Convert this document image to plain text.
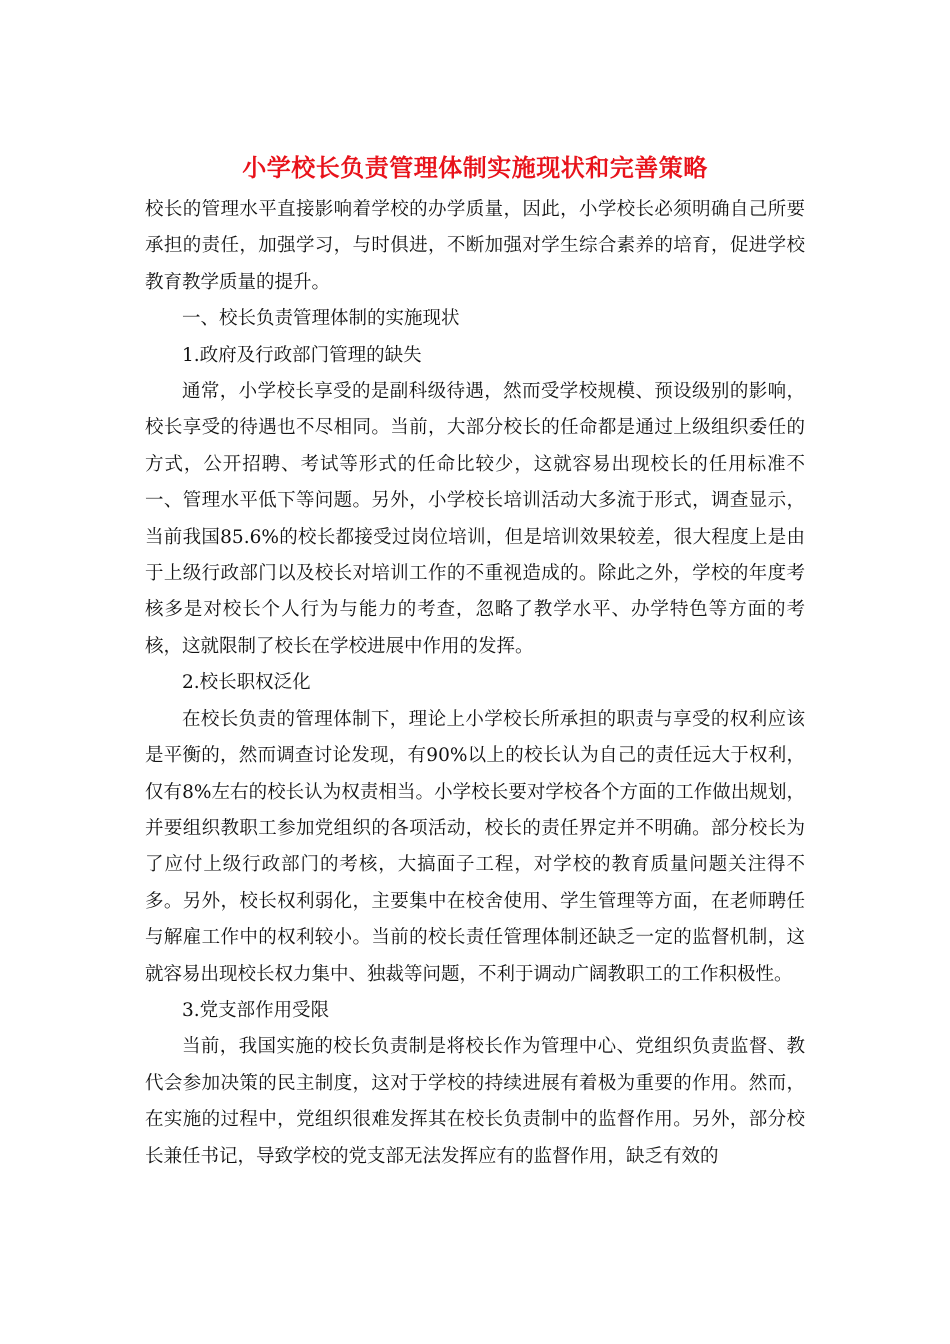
小学校长负责管理体制实施现状和完善策略

校长的管理水平直接影响着学校的办学质量，因此，小学校长必须明确自己所要承担的责任，加强学习，与时俱进，不断加强对学生综合素养的培育，促进学校教育教学质量的提升。

一、校长负责管理体制的实施现状

1.政府及行政部门管理的缺失

通常，小学校长享受的是副科级待遇，然而受学校规模、预设级别的影响，校长享受的待遇也不尽相同。当前，大部分校长的任命都是通过上级组织委任的方式，公开招聘、考试等形式的任命比较少，这就容易出现校长的任用标准不一、管理水平低下等问题。另外，小学校长培训活动大多流于形式，调查显示，当前我国85.6%的校长都接受过岗位培训，但是培训效果较差，很大程度上是由于上级行政部门以及校长对培训工作的不重视造成的。除此之外，学校的年度考核多是对校长个人行为与能力的考查，忽略了教学水平、办学特色等方面的考核，这就限制了校长在学校进展中作用的发挥。

2.校长职权泛化

在校长负责的管理体制下，理论上小学校长所承担的职责与享受的权利应该是平衡的，然而调查讨论发现，有90%以上的校长认为自己的责任远大于权利，仅有8%左右的校长认为权责相当。小学校长要对学校各个方面的工作做出规划，并要组织教职工参加党组织的各项活动，校长的责任界定并不明确。部分校长为了应付上级行政部门的考核，大搞面子工程，对学校的教育质量问题关注得不多。另外，校长权利弱化，主要集中在校舍使用、学生管理等方面，在老师聘任与解雇工作中的权利较小。当前的校长责任管理体制还缺乏一定的监督机制，这就容易出现校长权力集中、独裁等问题，不利于调动广阔教职工的工作积极性。

3.党支部作用受限

当前，我国实施的校长负责制是将校长作为管理中心、党组织负责监督、教代会参加决策的民主制度，这对于学校的持续进展有着极为重要的作用。然而，在实施的过程中，党组织很难发挥其在校长负责制中的监督作用。另外，部分校长兼任书记，导致学校的党支部无法发挥应有的监督作用，缺乏有效的
